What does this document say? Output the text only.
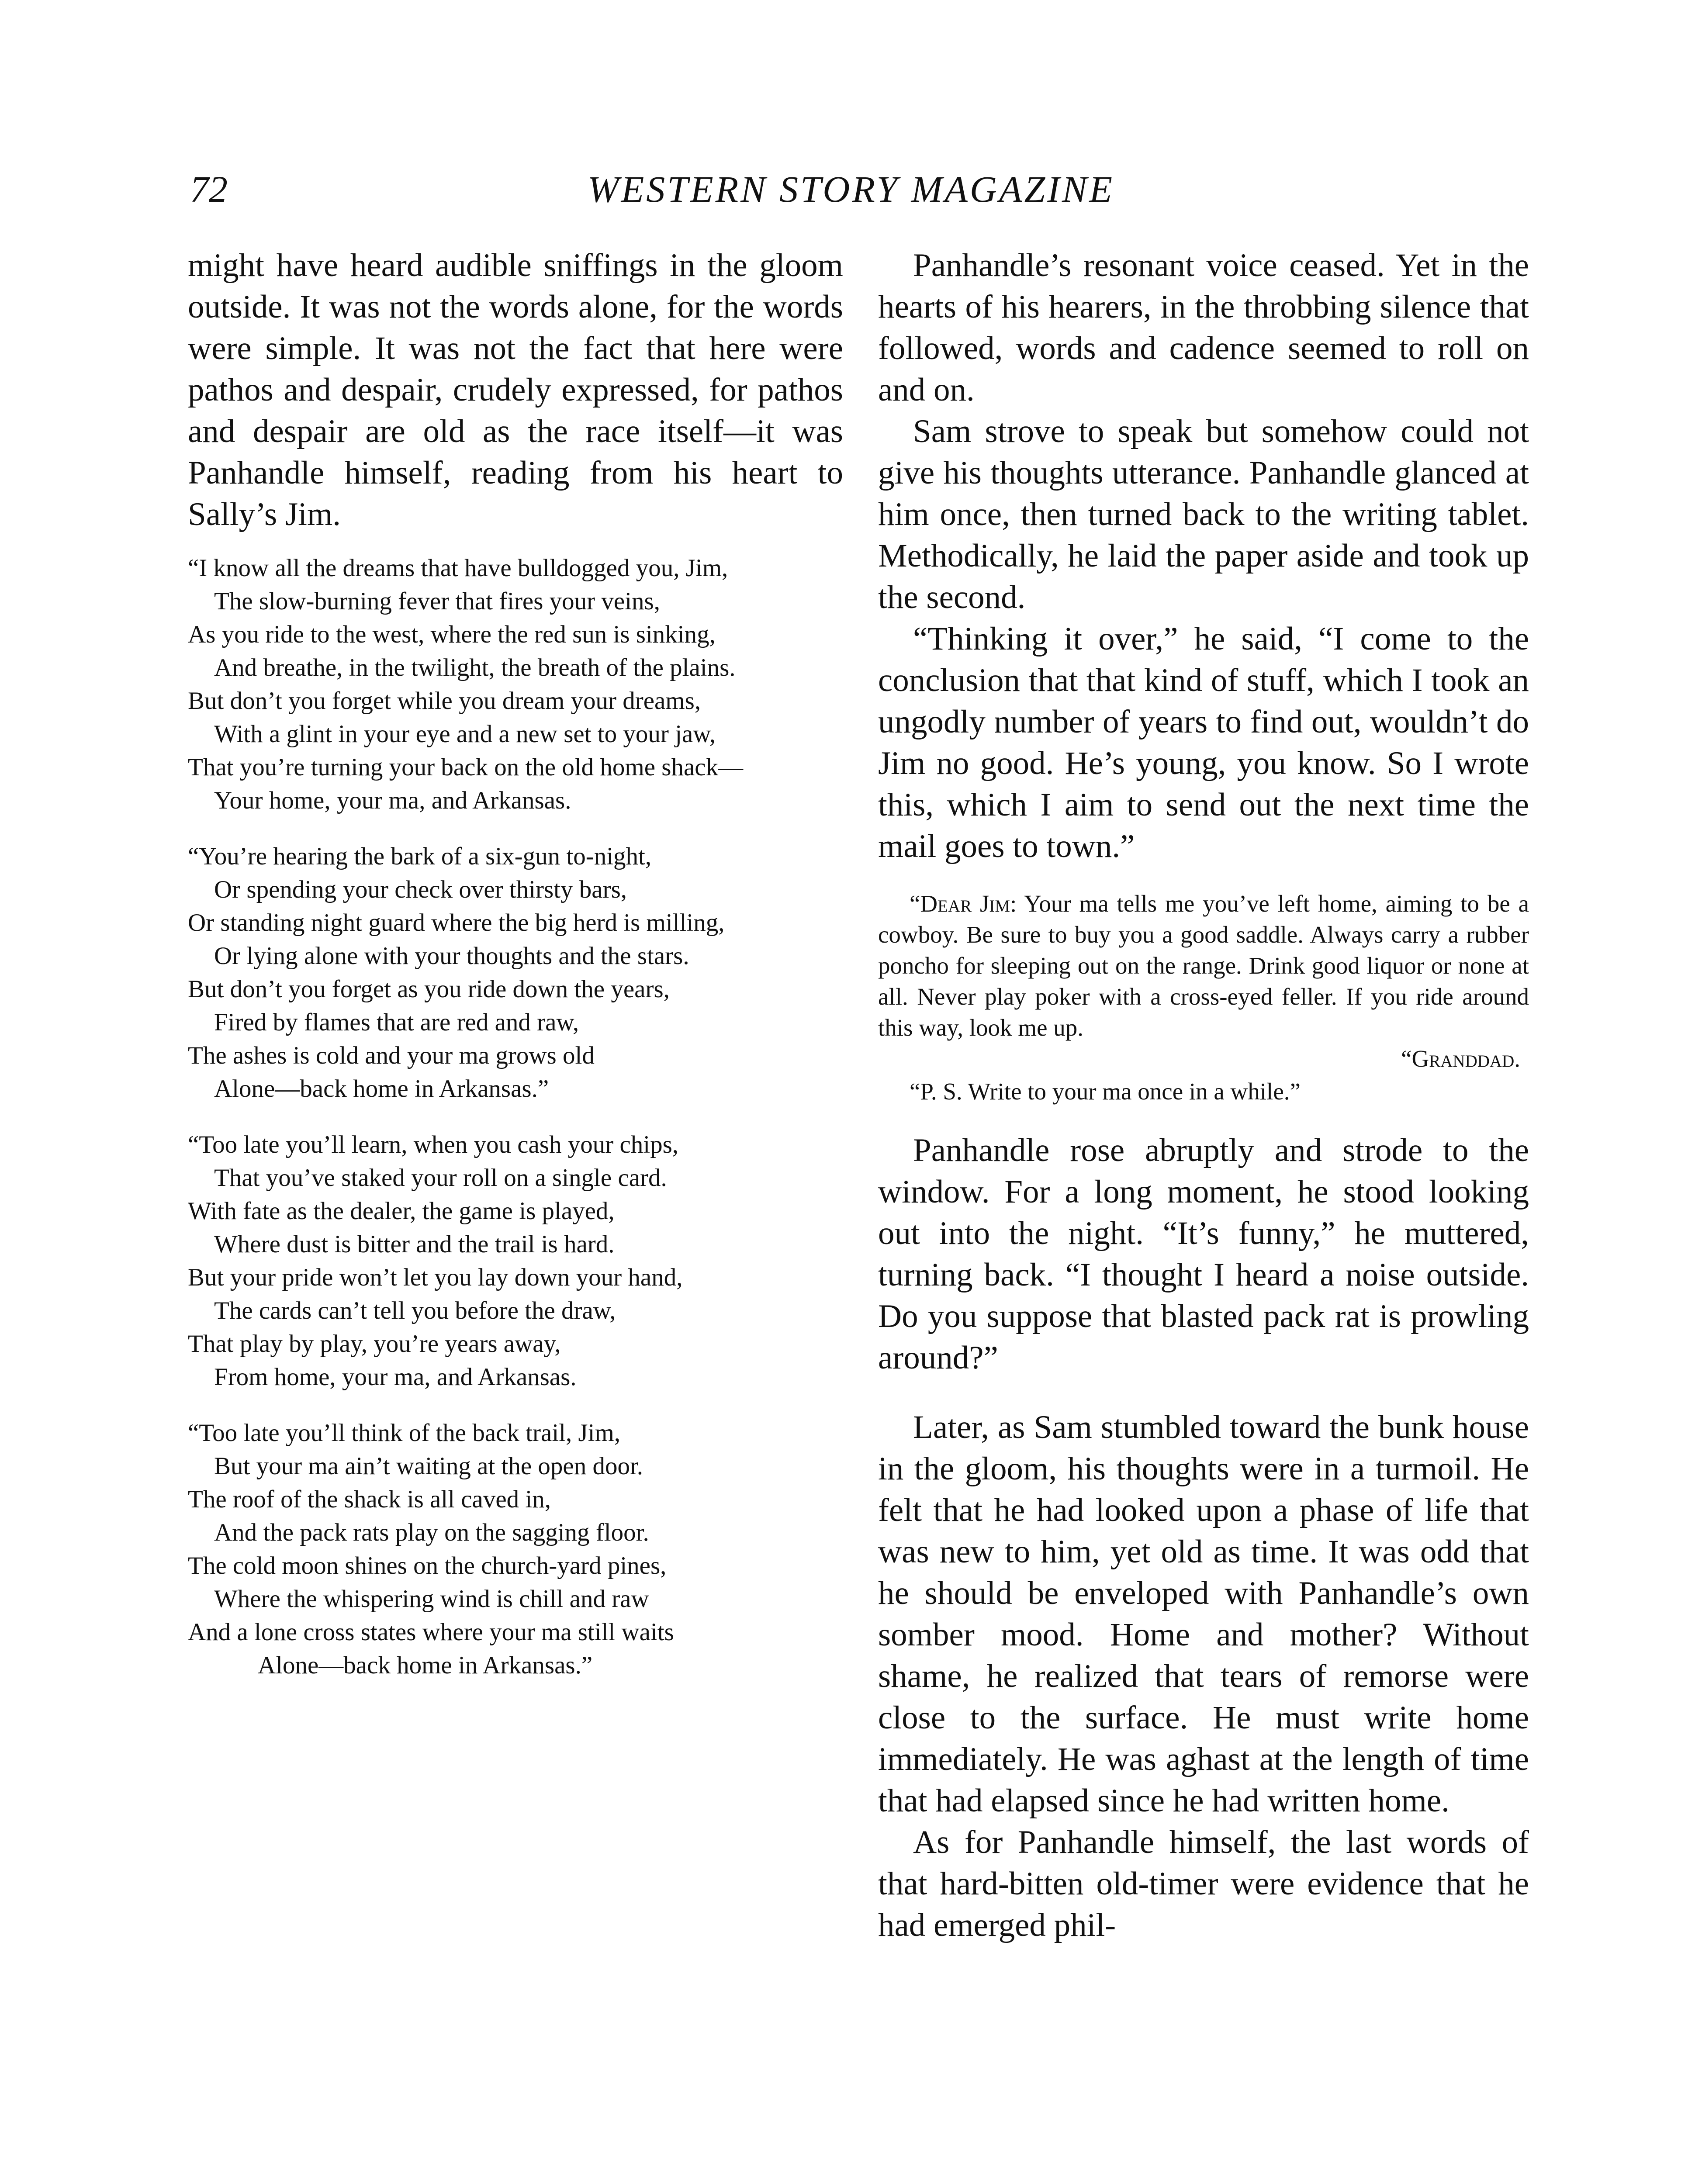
72	WESTERN STORY MAGAZINE

might have heard audible sniffings in the gloom outside. It was not the words alone, for the words were simple. It was not the fact that here were pathos and despair, crudely expressed, for pathos and despair are old as the race itself—it was Panhandle himself, reading from his heart to Sally’s Jim.

“I know all the dreams that have bulldogged you, Jim,
The slow-burning fever that fires your veins,
As you ride to the west, where the red sun is sinking,
And breathe, in the twilight, the breath of the plains.
But don’t you forget while you dream your dreams,
With a glint in your eye and a new set to your jaw,
That you’re turning your back on the old home shack—
Your home, your ma, and Arkansas.
“You’re hearing the bark of a six-gun to-night,
Or spending your check over thirsty bars,
Or standing night guard where the big herd is milling,
Or lying alone with your thoughts and the stars.
But don’t you forget as you ride down the years,
Fired by flames that are red and raw,
The ashes is cold and your ma grows old
Alone—back home in Arkansas.”
“Too late you’ll learn, when you cash your chips,
That you’ve staked your roll on a single card.
With fate as the dealer, the game is played,
Where dust is bitter and the trail is hard.
But your pride won’t let you lay down your hand,
The cards can’t tell you before the draw,
That play by play, you’re years away,
From home, your ma, and Arkansas.
“Too late you’ll think of the back trail, Jim,
But your ma ain’t waiting at the open door.
The roof of the shack is all caved in,
And the pack rats play on the sagging floor.
The cold moon shines on the church-yard pines,
Where the whispering wind is chill and raw
And a lone cross states where your ma still waits
Alone—back home in Arkansas.”

Panhandle’s resonant voice ceased. Yet in the hearts of his hearers, in the throbbing silence that followed, words and cadence seemed to roll on and on.

Sam strove to speak but somehow could not give his thoughts utterance. Panhandle glanced at him once, then turned back to the writing tablet. Methodically, he laid the paper aside and took up the second.

“Thinking it over,” he said, “I come to the conclusion that that kind of stuff, which I took an ungodly number of years to find out, wouldn’t do Jim no good. He’s young, you know. So I wrote this, which I aim to send out the next time the mail goes to town.”

“Dear Jim: Your ma tells me you’ve left home, aiming to be a cowboy. Be sure to buy you a good saddle. Always carry a rubber poncho for sleeping out on the range. Drink good liquor or none at all. Never play poker with a cross-eyed feller. If you ride around this way, look me up.
“Granddad.
“P. S. Write to your ma once in a while.”

Panhandle rose abruptly and strode to the window. For a long moment, he stood looking out into the night. “It’s funny,” he muttered, turning back. “I thought I heard a noise outside. Do you suppose that blasted pack rat is prowling around?”

Later, as Sam stumbled toward the bunk house in the gloom, his thoughts were in a turmoil. He felt that he had looked upon a phase of life that was new to him, yet old as time. It was odd that he should be enveloped with Panhandle’s own somber mood. Home and mother? Without shame, he realized that tears of remorse were close to the surface. He must write home immediately. He was aghast at the length of time that had elapsed since he had written home.

As for Panhandle himself, the last words of that hard-bitten old-timer were evidence that he had emerged phil-
